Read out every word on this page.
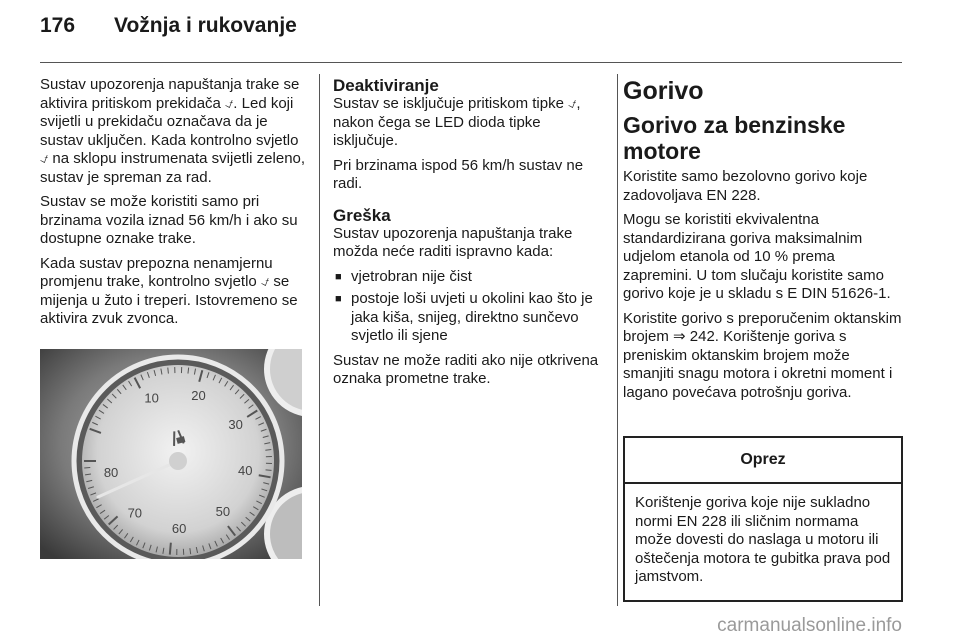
176 Vožnja i rukovanje

Sustav upozorenja napuštanja trake se aktivira pritiskom prekidača ⍻. Led koji svijetli u prekidaču označava da je sustav uključen. Kada kontrolno svjetlo ⍻ na sklopu instrumenata svijetli zeleno, sustav je spreman za rad.

Sustav se može koristiti samo pri brzinama vozila iznad 56 km/h i ako su dostupne oznake trake.

Kada sustav prepozna nenamjernu promjenu trake, kontrolno svjetlo ⍻ se mijenja u žuto i treperi. Istovremeno se aktivira zvuk zvonca.

10 20
30
40
50
60
70
80
Deaktiviranje

Sustav se isključuje pritiskom tipke ⍻, nakon čega se LED dioda tipke isključuje.

Pri brzinama ispod 56 km/h sustav ne radi.

Greška

Sustav upozorenja napuštanja trake možda neće raditi ispravno kada:

■ vjetrobran nije čist
■ postoje loši uvjeti u okolini kao što je jaka kiša, snijeg, direktno sunčevo svjetlo ili sjene

Sustav ne može raditi ako nije otkrivena oznaka prometne trake.

Gorivo
Gorivo za benzinske motore

Koristite samo bezolovno gorivo koje zadovoljava EN 228.

Mogu se koristiti ekvivalentna standardizirana goriva maksimalnim udjelom etanola od 10 % prema zapremini. U tom slučaju koristite samo gorivo koje je u skladu s E DIN 51626-1.

Koristite gorivo s preporučenim oktanskim brojem ⇒ 242. Korištenje goriva s preniskim oktanskim brojem može smanjiti snagu motora i okretni moment i lagano povećava potrošnju goriva.

Oprez
Korištenje goriva koje nije sukladno normi EN 228 ili sličnim normama može dovesti do naslaga u motoru ili oštečenja motora te gubitka prava pod jamstvom.
carmanualsonline.info
